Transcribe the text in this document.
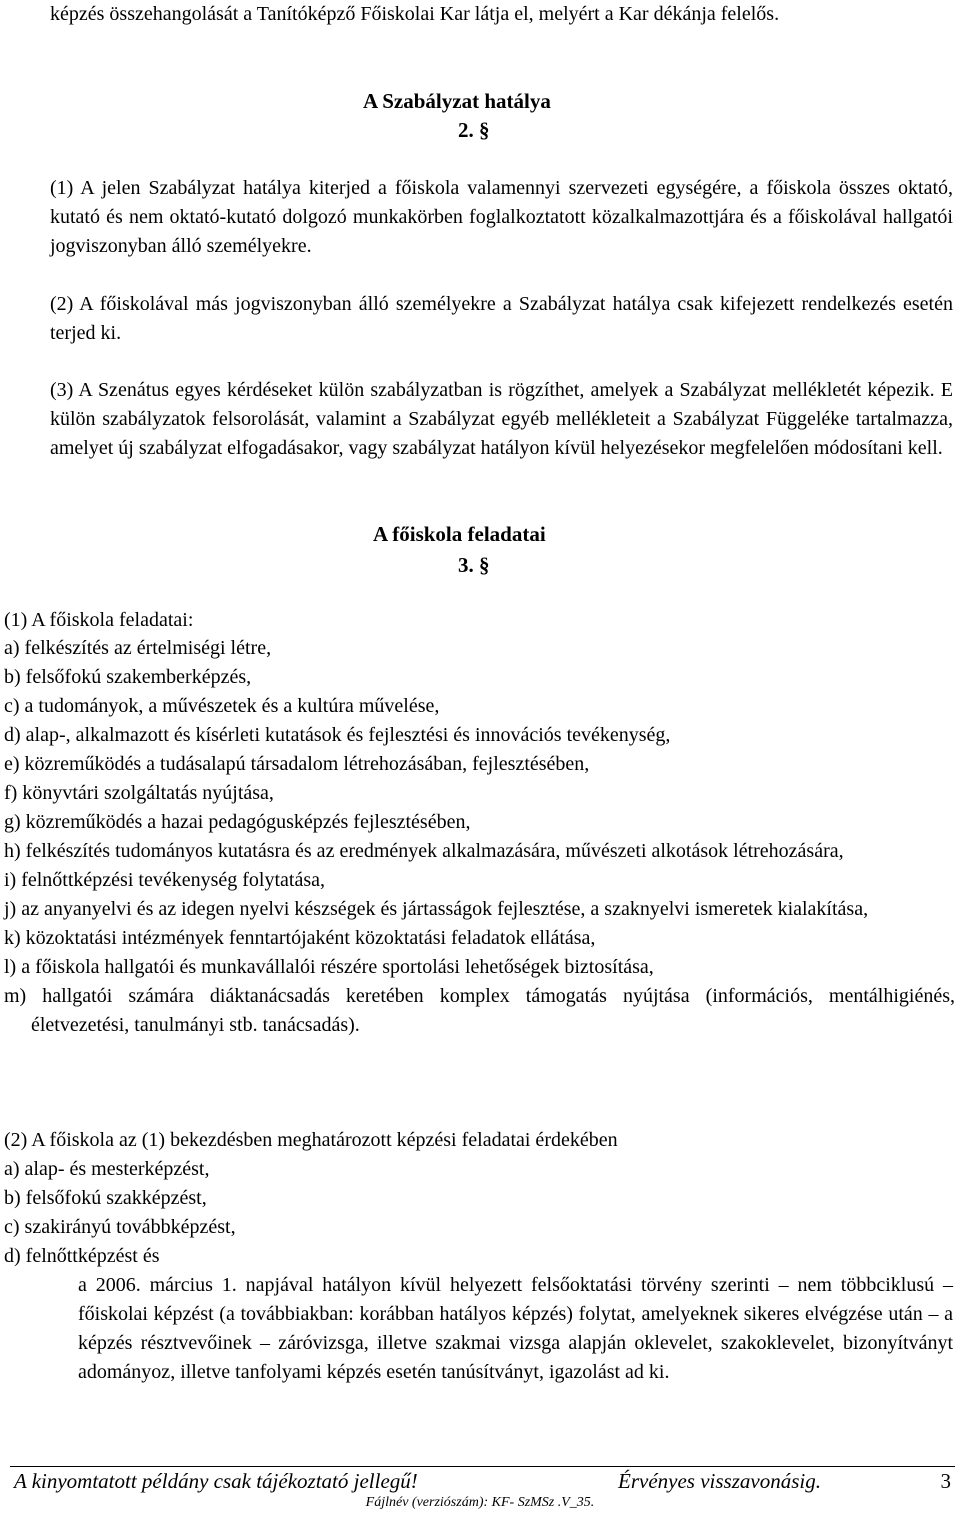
képzés összehangolását a Tanítóképző Főiskolai Kar látja el, melyért a Kar dékánja felelős.

A Szabályzat hatálya
2. §

(1) A jelen Szabályzat hatálya kiterjed a főiskola valamennyi szervezeti egységére, a főiskola összes oktató, kutató és nem oktató-kutató dolgozó munkakörben foglalkoztatott közalkalmazottjára és a főiskolával hallgatói jogviszonyban álló személyekre.

(2) A főiskolával más jogviszonyban álló személyekre a Szabályzat hatálya csak kifejezett rendelkezés esetén terjed ki.

(3) A Szenátus egyes kérdéseket külön szabályzatban is rögzíthet, amelyek a Szabályzat mellékletét képezik. E külön szabályzatok felsorolását, valamint a Szabályzat egyéb mellékleteit a Szabályzat Függeléke tartalmazza, amelyet új szabályzat elfogadásakor, vagy szabályzat hatályon kívül helyezésekor megfelelően módosítani kell.

A főiskola feladatai
3. §

(1) A főiskola feladatai:

a) felkészítés az értelmiségi létre,
b) felsőfokú szakemberképzés,
c) a tudományok, a művészetek és a kultúra művelése,
d) alap-, alkalmazott és kísérleti kutatások és fejlesztési és innovációs tevékenység,
e) közreműködés a tudásalapú társadalom létrehozásában, fejlesztésében,
f) könyvtári szolgáltatás nyújtása,
g) közreműködés a hazai pedagógusképzés fejlesztésében,
h) felkészítés tudományos kutatásra és az eredmények alkalmazására, művészeti alkotások létrehozására,
i) felnőttképzési tevékenység folytatása,
j) az anyanyelvi és az idegen nyelvi készségek és jártasságok fejlesztése, a szaknyelvi ismeretek kialakítása,
k) közoktatási intézmények fenntartójaként közoktatási feladatok ellátása,
l) a főiskola hallgatói és munkavállalói részére sportolási lehetőségek biztosítása,
m) hallgatói számára diáktanácsadás keretében komplex támogatás nyújtása (információs, mentálhigiénés, életvezetési, tanulmányi stb. tanácsadás).

(2) A főiskola az (1) bekezdésben meghatározott képzési feladatai érdekében

a) alap- és mesterképzést,
b) felsőfokú szakképzést,
c) szakirányú továbbképzést,
d) felnőttképzést és

a 2006. március 1. napjával hatályon kívül helyezett felsőoktatási törvény szerinti – nem többciklusú – főiskolai képzést (a továbbiakban: korábban hatályos képzés) folytat, amelyeknek sikeres elvégzése után – a képzés résztvevőinek – záróvizsga, illetve szakmai vizsga alapján oklevelet, szakoklevelet, bizonyítványt adományoz, illetve tanfolyami képzés esetén tanúsítványt, igazolást ad ki.

A kinyomtatott példány csak tájékoztató jellegű!	Érvényes visszavonásig.	3
Fájlnév (verziószám): KF- SzMSz .V_35.
